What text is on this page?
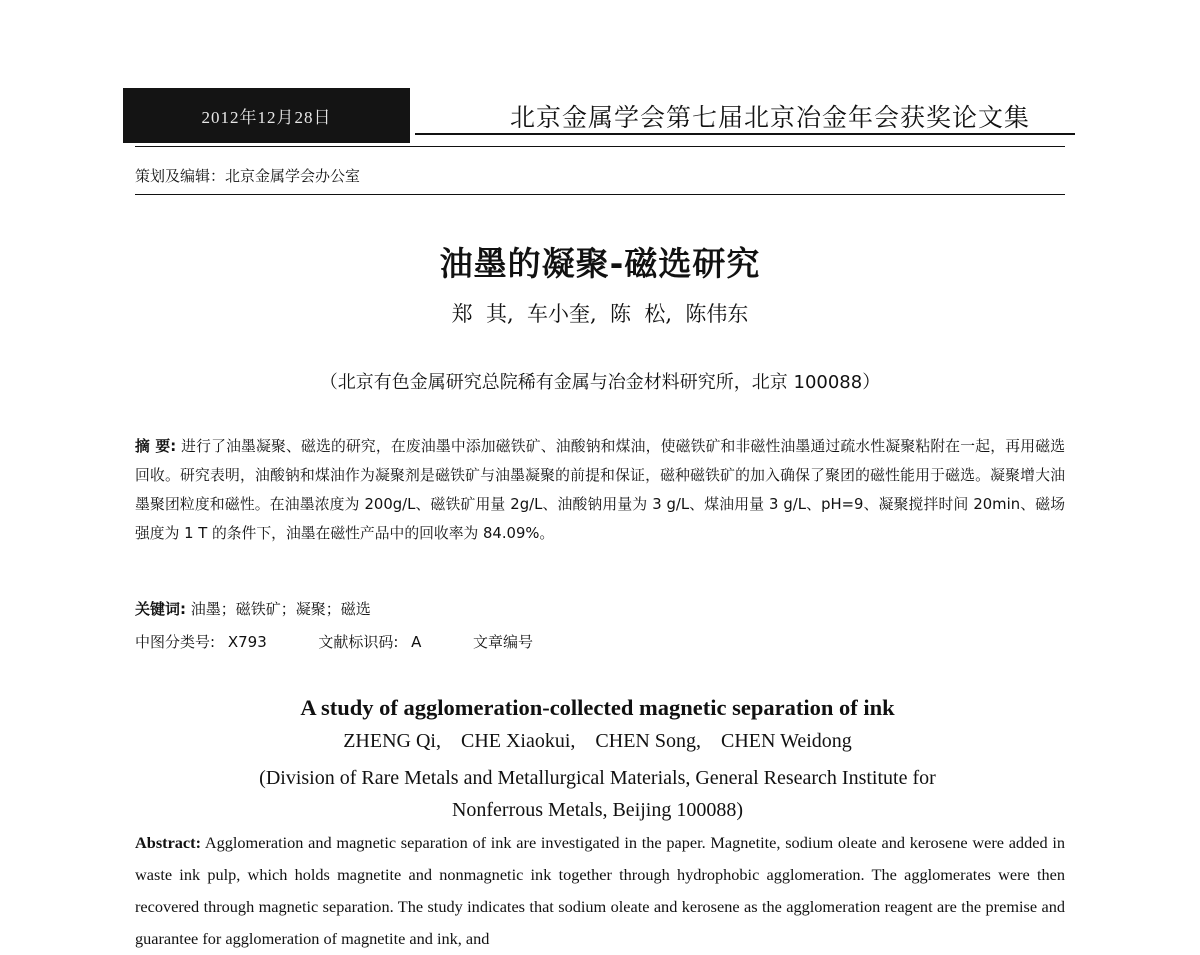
2012年12月28日	北京金属学会第七届北京冶金年会获奖论文集
策划及编辑：北京金属学会办公室
油墨的凝聚-磁选研究
郑  其,  车小奎,  陈  松,  陈伟东
（北京有色金属研究总院稀有金属与冶金材料研究所，北京 100088）
摘 要: 进行了油墨凝聚、磁选的研究，在废油墨中添加磁铁矿、油酸钠和煤油，使磁铁矿和非磁性油墨通过疏水性凝聚粘附在一起，再用磁选回收。研究表明，油酸钠和煤油作为凝聚剂是磁铁矿与油墨凝聚的前提和保证，磁种磁铁矿的加入确保了聚团的磁性能用于磁选。凝聚增大油墨聚团粒度和磁性。在油墨浓度为 200g/L、磁铁矿用量 2g/L、油酸钠用量为 3 g/L、煤油用量 3 g/L、pH=9、凝聚搅拌时间 20min、磁场强度为 1 T 的条件下，油墨在磁性产品中的回收率为 84.09%。
关键词: 油墨；磁铁矿；凝聚；磁选
中图分类号: X793	文献标识码: A	文章编号
A study of agglomeration-collected magnetic separation of ink
ZHENG Qi,    CHE Xiaokui,    CHEN Song,    CHEN Weidong
(Division of Rare Metals and Metallurgical Materials, General Research Institute for
Nonferrous Metals, Beijing 100088)
Abstract: Agglomeration and magnetic separation of ink are investigated in the paper. Magnetite, sodium oleate and kerosene were added in waste ink pulp, which holds magnetite and nonmagnetic ink together through hydrophobic agglomeration. The agglomerates were then recovered through magnetic separation. The study indicates that sodium oleate and kerosene as the agglomeration reagent are the premise and guarantee for agglomeration of magnetite and ink, and
